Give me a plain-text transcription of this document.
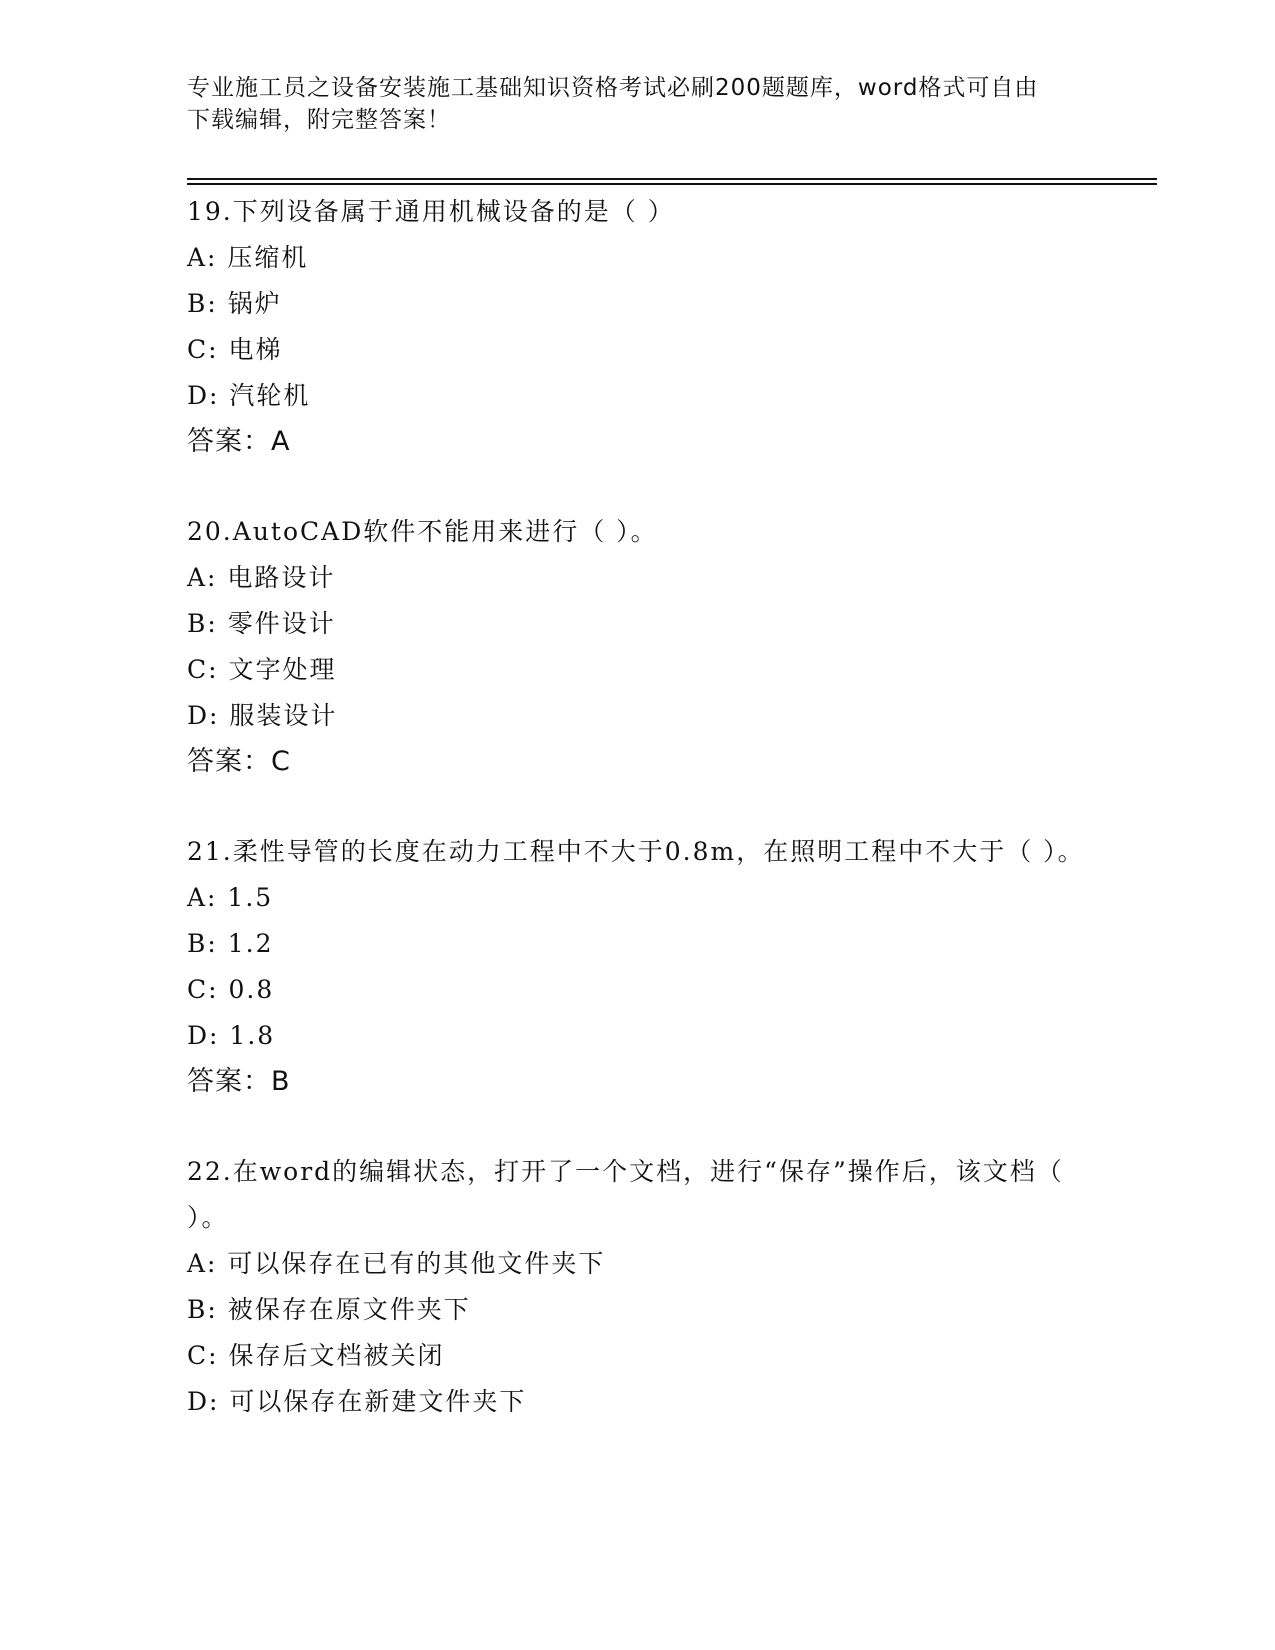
专业施工员之设备安装施工基础知识资格考试必刷200题题库，word格式可自由
下载编辑，附完整答案！
19.下列设备属于通用机械设备的是（ ）
A: 压缩机
B: 锅炉
C: 电梯
D: 汽轮机
答案：A
20.AutoCAD软件不能用来进行（ ）。
A: 电路设计
B: 零件设计
C: 文字处理
D: 服装设计
答案：C
21.柔性导管的长度在动力工程中不大于0.8m，在照明工程中不大于（ ）。
A: 1.5
B: 1.2
C: 0.8
D: 1.8
答案：B
22.在word的编辑状态，打开了一个文档，进行“保存”操作后，该文档（ ）。
A: 可以保存在已有的其他文件夹下
B: 被保存在原文件夹下
C: 保存后文档被关闭
D: 可以保存在新建文件夹下
